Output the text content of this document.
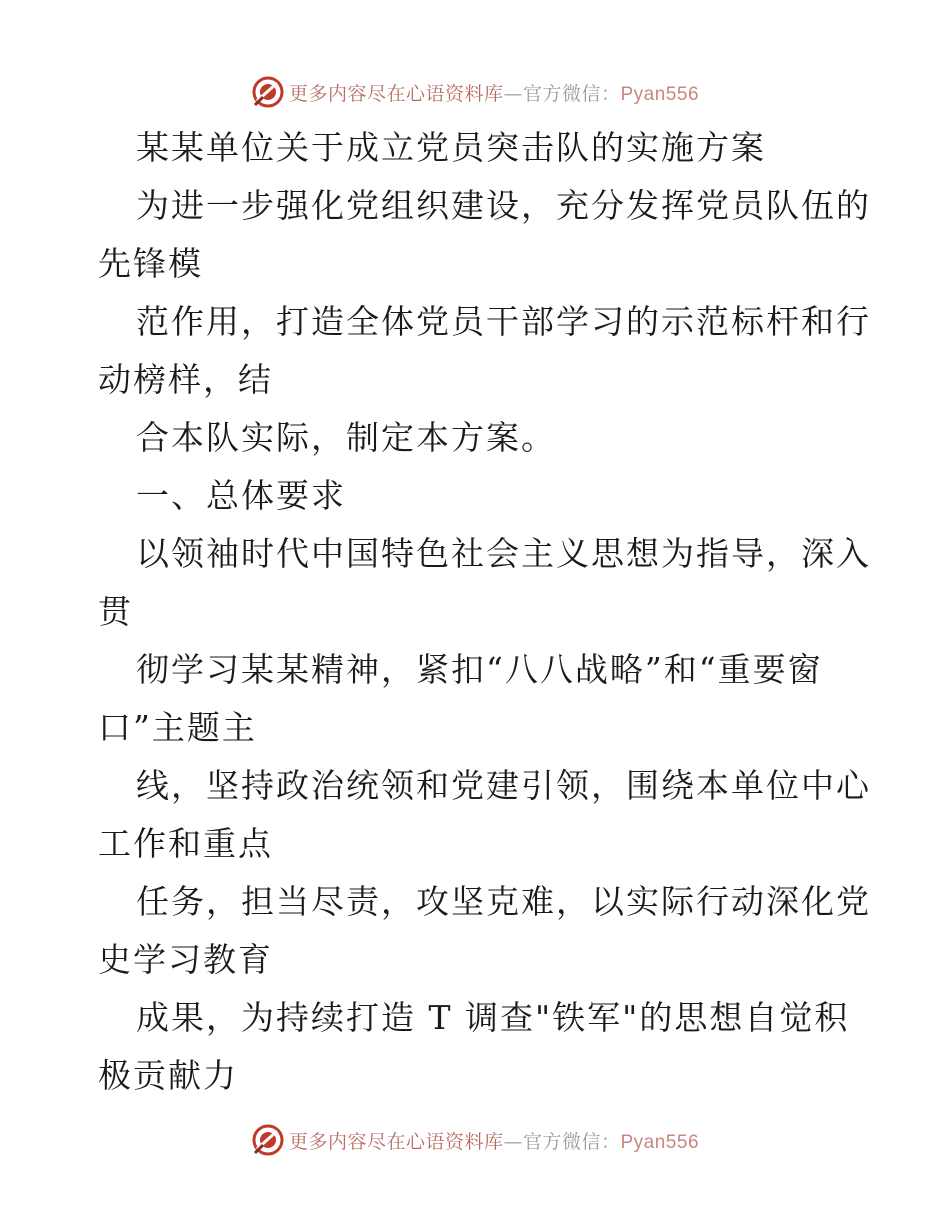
更多内容尽在心语资料库—官方微信：Pyan556
某某单位关于成立党员突击队的实施方案
为进一步强化党组织建设，充分发挥党员队伍的
先锋模
范作用，打造全体党员干部学习的示范标杆和行
动榜样，结
合本队实际，制定本方案。
一、总体要求
以领袖时代中国特色社会主义思想为指导，深入
贯
彻学习某某精神，紧扣“八八战略”和“重要窗
口”主题主
线，坚持政治统领和党建引领，围绕本单位中心
工作和重点
任务，担当尽责，攻坚克难，以实际行动深化党
史学习教育
成果，为持续打造 T 调查"铁军"的思想自觉积
极贡献力
更多内容尽在心语资料库—官方微信：Pyan556
